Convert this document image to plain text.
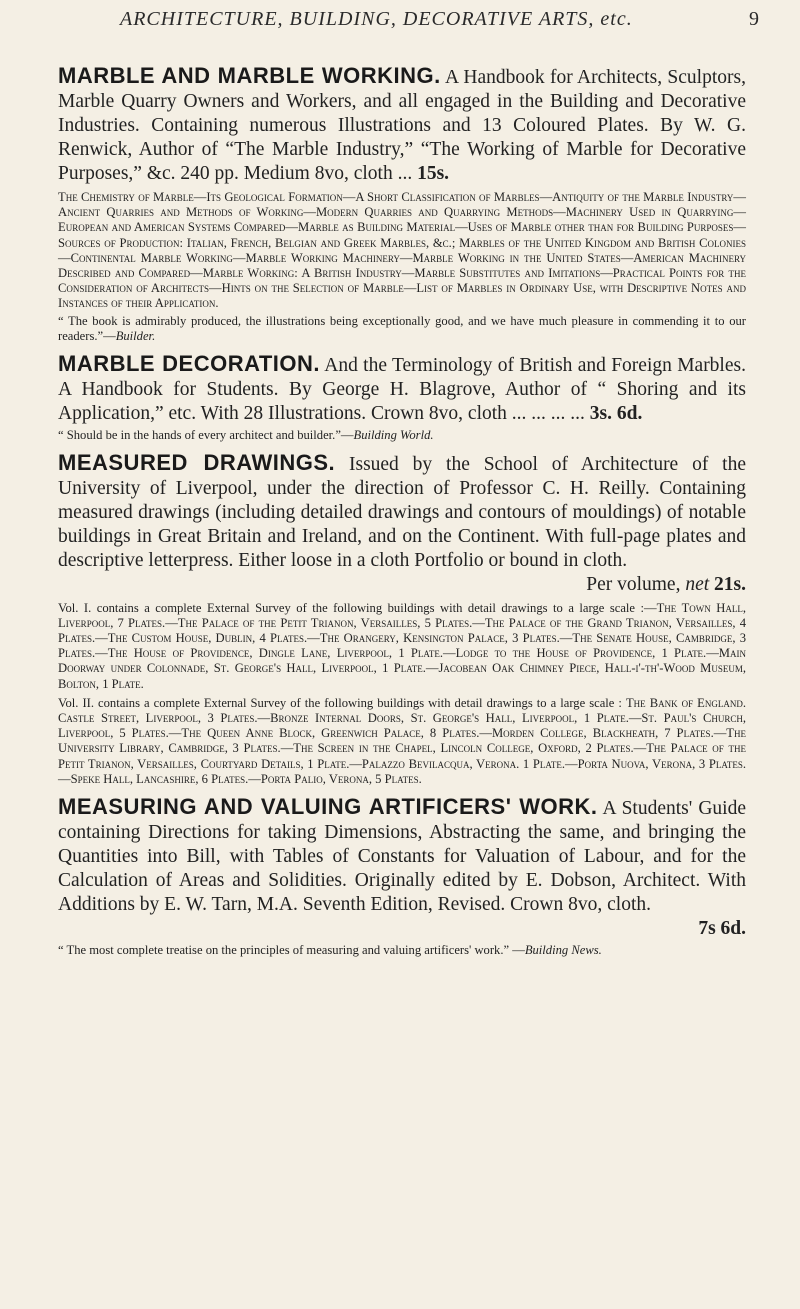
ARCHITECTURE, BUILDING, DECORATIVE ARTS, etc.	9
MARBLE AND MARBLE WORKING. A Handbook for Architects, Sculptors, Marble Quarry Owners and Workers, and all engaged in the Building and Decorative Industries. Containing numerous Illustrations and 13 Coloured Plates. By W. G. Renwick, Author of “The Marble Industry,” “The Working of Marble for Decorative Purposes,” &c. 240 pp. Medium 8vo, cloth ... 15s.
The Chemistry of Marble—Its Geological Formation—A Short Classification of Marbles—Antiquity of the Marble Industry—Ancient Quarries and Methods of Working—Modern Quarries and Quarrying Methods—Machinery Used in Quarrying—European and American Systems Compared—Marble as Building Material—Uses of Marble other than for Building Purposes—Sources of Production: Italian, French, Belgian and Greek Marbles, &c.; Marbles of the United Kingdom and British Colonies—Continental Marble Working—Marble Working Machinery—Marble Working in the United States—American Machinery Described and Compared—Marble Working: A British Industry—Marble Substitutes and Imitations—Practical Points for the Consideration of Architects—Hints on the Selection of Marble—List of Marbles in Ordinary Use, with Descriptive Notes and Instances of their Application.
“ The book is admirably produced, the illustrations being exceptionally good, and we have much pleasure in commending it to our readers.”—Builder.
MARBLE DECORATION. And the Terminology of British and Foreign Marbles. A Handbook for Students. By George H. Blagrove, Author of “ Shoring and its Application,” etc. With 28 Illustrations. Crown 8vo, cloth ... ... ... ... 3s. 6d.
“ Should be in the hands of every architect and builder.”—Building World.
MEASURED DRAWINGS. Issued by the School of Architecture of the University of Liverpool, under the direction of Professor C. H. Reilly. Containing measured drawings (including detailed drawings and contours of mouldings) of notable buildings in Great Britain and Ireland, and on the Continent. With full-page plates and descriptive letterpress. Either loose in a cloth Portfolio or bound in cloth.
Per volume, net 21s.
Vol. I. contains a complete External Survey of the following buildings with detail drawings to a large scale :—The Town Hall, Liverpool, 7 Plates.—The Palace of the Petit Trianon, Versailles, 5 Plates.—The Palace of the Grand Trianon, Versailles, 4 Plates.—The Custom House, Dublin, 4 Plates.—The Orangery, Kensington Palace, 3 Plates.—The Senate House, Cambridge, 3 Plates.—The House of Providence, Dingle Lane, Liverpool, 1 Plate.—Lodge to the House of Providence, 1 Plate.—Main Doorway under Colonnade, St. George's Hall, Liverpool, 1 Plate.—Jacobean Oak Chimney Piece, Hall-i'-th'-Wood Museum, Bolton, 1 Plate.
Vol. II. contains a complete External Survey of the following buildings with detail drawings to a large scale : The Bank of England. Castle Street, Liverpool, 3 Plates.—Bronze Internal Doors, St. George's Hall, Liverpool, 1 Plate.—St. Paul's Church, Liverpool, 5 Plates.—The Queen Anne Block, Greenwich Palace, 8 Plates.—Morden College, Blackheath, 7 Plates.—The University Library, Cambridge, 3 Plates.—The Screen in the Chapel, Lincoln College, Oxford, 2 Plates.—The Palace of the Petit Trianon, Versailles, Courtyard Details, 1 Plate.—Palazzo Bevilacqua, Verona. 1 Plate.—Porta Nuova, Verona, 3 Plates.—Speke Hall, Lancashire, 6 Plates.—Porta Palio, Verona, 5 Plates.
MEASURING AND VALUING ARTIFICERS' WORK. A Students' Guide containing Directions for taking Dimensions, Abstracting the same, and bringing the Quantities into Bill, with Tables of Constants for Valuation of Labour, and for the Calculation of Areas and Solidities. Originally edited by E. Dobson, Architect. With Additions by E. W. Tarn, M.A. Seventh Edition, Revised. Crown 8vo, cloth.
7s 6d.
“ The most complete treatise on the principles of measuring and valuing artificers' work.” —Building News.
